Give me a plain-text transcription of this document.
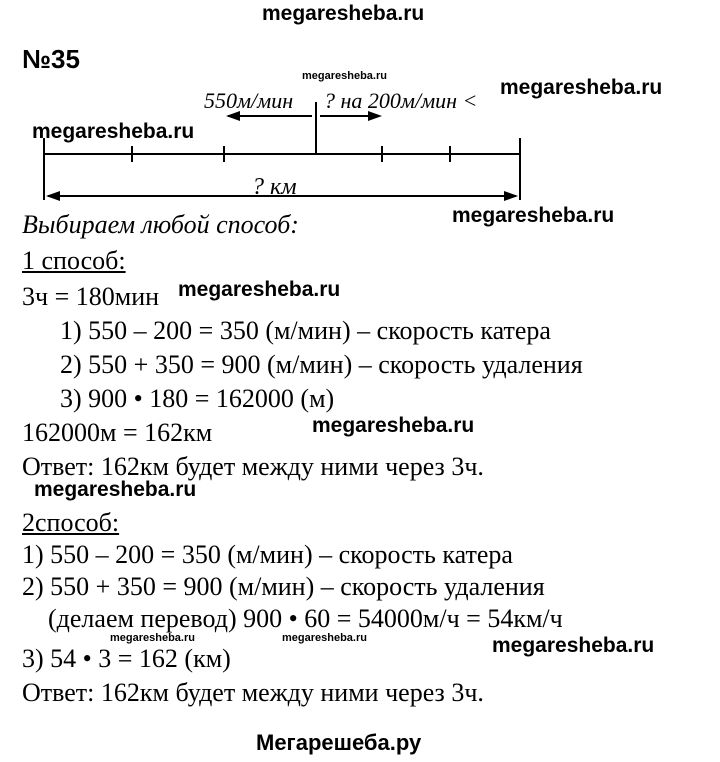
megaresheba.ru
№35
megaresheba.ru	megaresheba.ru
megaresheba.ru
550м/мин ? на 200м/мин <
? км
Выбираем любой способ:	megaresheba.ru
1 способ:
3ч = 180мин megaresheba.ru
1) 550 – 200 = 350 (м/мин) – скорость катера
2) 550 + 350 = 900 (м/мин) – скорость удаления
3) 900 • 180 = 162000 (м)
162000м = 162км	megaresheba.ru
Ответ: 162км будет между ними через 3ч.
megaresheba.ru
2способ:
1) 550 – 200 = 350 (м/мин) – скорость катера
2) 550 + 350 = 900 (м/мин) – скорость удаления
(делаем перевод) 900 • 60 = 54000м/ч = 54км/ч
megaresheba.ru	megaresheba.ru	megaresheba.ru
3) 54 • 3 = 162 (км)
Ответ: 162км будет между ними через 3ч.
Мегарешеба.ру
